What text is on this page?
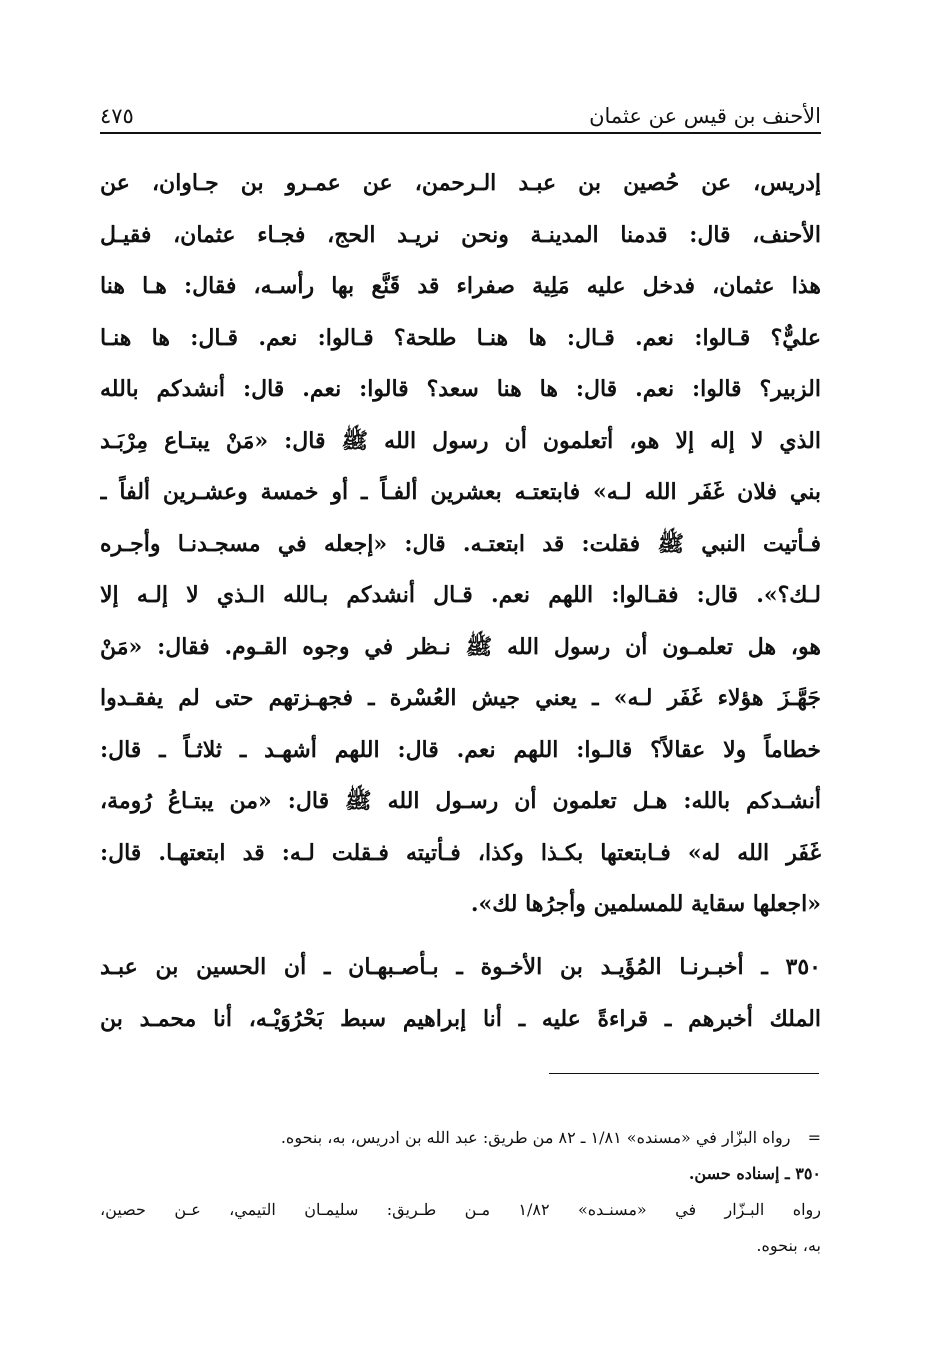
الأحنف بن قيس عن عثمان
٤٧٥
إدريس، عن حُصين بن عبـد الـرحمن، عن عمـرو بن جـاوان، عن
الأحنف، قال: قدمنا المدينـة ونحن نريـد الحج، فجـاء عثمان، فقيـل
هذا عثمان، فدخل عليه مَلِية صفراء قد قَنَّع بها رأسـه، فقال: هـا هنا
عليٌّ؟ قـالوا: نعم. قـال: ها هنـا طلحة؟ قـالوا: نعم. قـال: ها هنـا
الزبير؟ قالوا: نعم. قال: ها هنا سعد؟ قالوا: نعم. قال: أنشدكم بالله
الذي لا إله إلا هو، أتعلمون أن رسول الله ﷺ قال: «مَنْ يبتـاع مِرْبَـد
بني فلان غَفَر الله لـه» فابتعتـه بعشرين ألفـاً ـ أو خمسة وعشـرين ألفاً ـ
فـأتيت النبي ﷺ فقلت: قد ابتعتـه. قال: «إجعله في مسجـدنـا وأجـره
لـك؟». قال: فقـالوا: اللهم نعم. قـال أنشدكم بـالله الـذي لا إلـه إلا
هو، هل تعلمـون أن رسول الله ﷺ نـظر في وجوه القـوم. فقال: «مَنْ
جَهَّـزَ هؤلاء غَفَر لـه» ـ يعني جيش العُسْرة ـ فجهـزتهم حتى لم يفقـدوا
خطاماً ولا عقالاً؟ قالـوا: اللهم نعم. قال: اللهم أشهـد ـ ثلاثـاً ـ قال:
أنشـدكم بالله: هـل تعلمون أن رسـول الله ﷺ قال: «من يبتـاعُ رُومة،
غَفَر الله له» فـابتعتها بكـذا وكذا، فـأتيته فـقلت لـه: قد ابتعتهـا. قال:
«اجعلها سقاية للمسلمين وأجرُها لك».
٣٥٠ ـ أخبـرنـا المُؤَيـد بن الأخـوة ـ بـأصـبهـان ـ أن الحسين بن عبـد
الملك أخبرهم ـ قراءةً عليه ـ أنا إبراهيم سبط بَحْرُوَيْـه، أنا محمـد بن
= رواه البزّار في «مسنده» ١/٨١ ـ ٨٢ من طريق: عبد الله بن ادريس، به، بنحوه.
٣٥٠ ـ إسناده حسن.
رواه البـزّار في «مسنـده» ١/٨٢ مـن طـريق: سليمـان التيمي، عـن حصين،
به، بنحوه.
